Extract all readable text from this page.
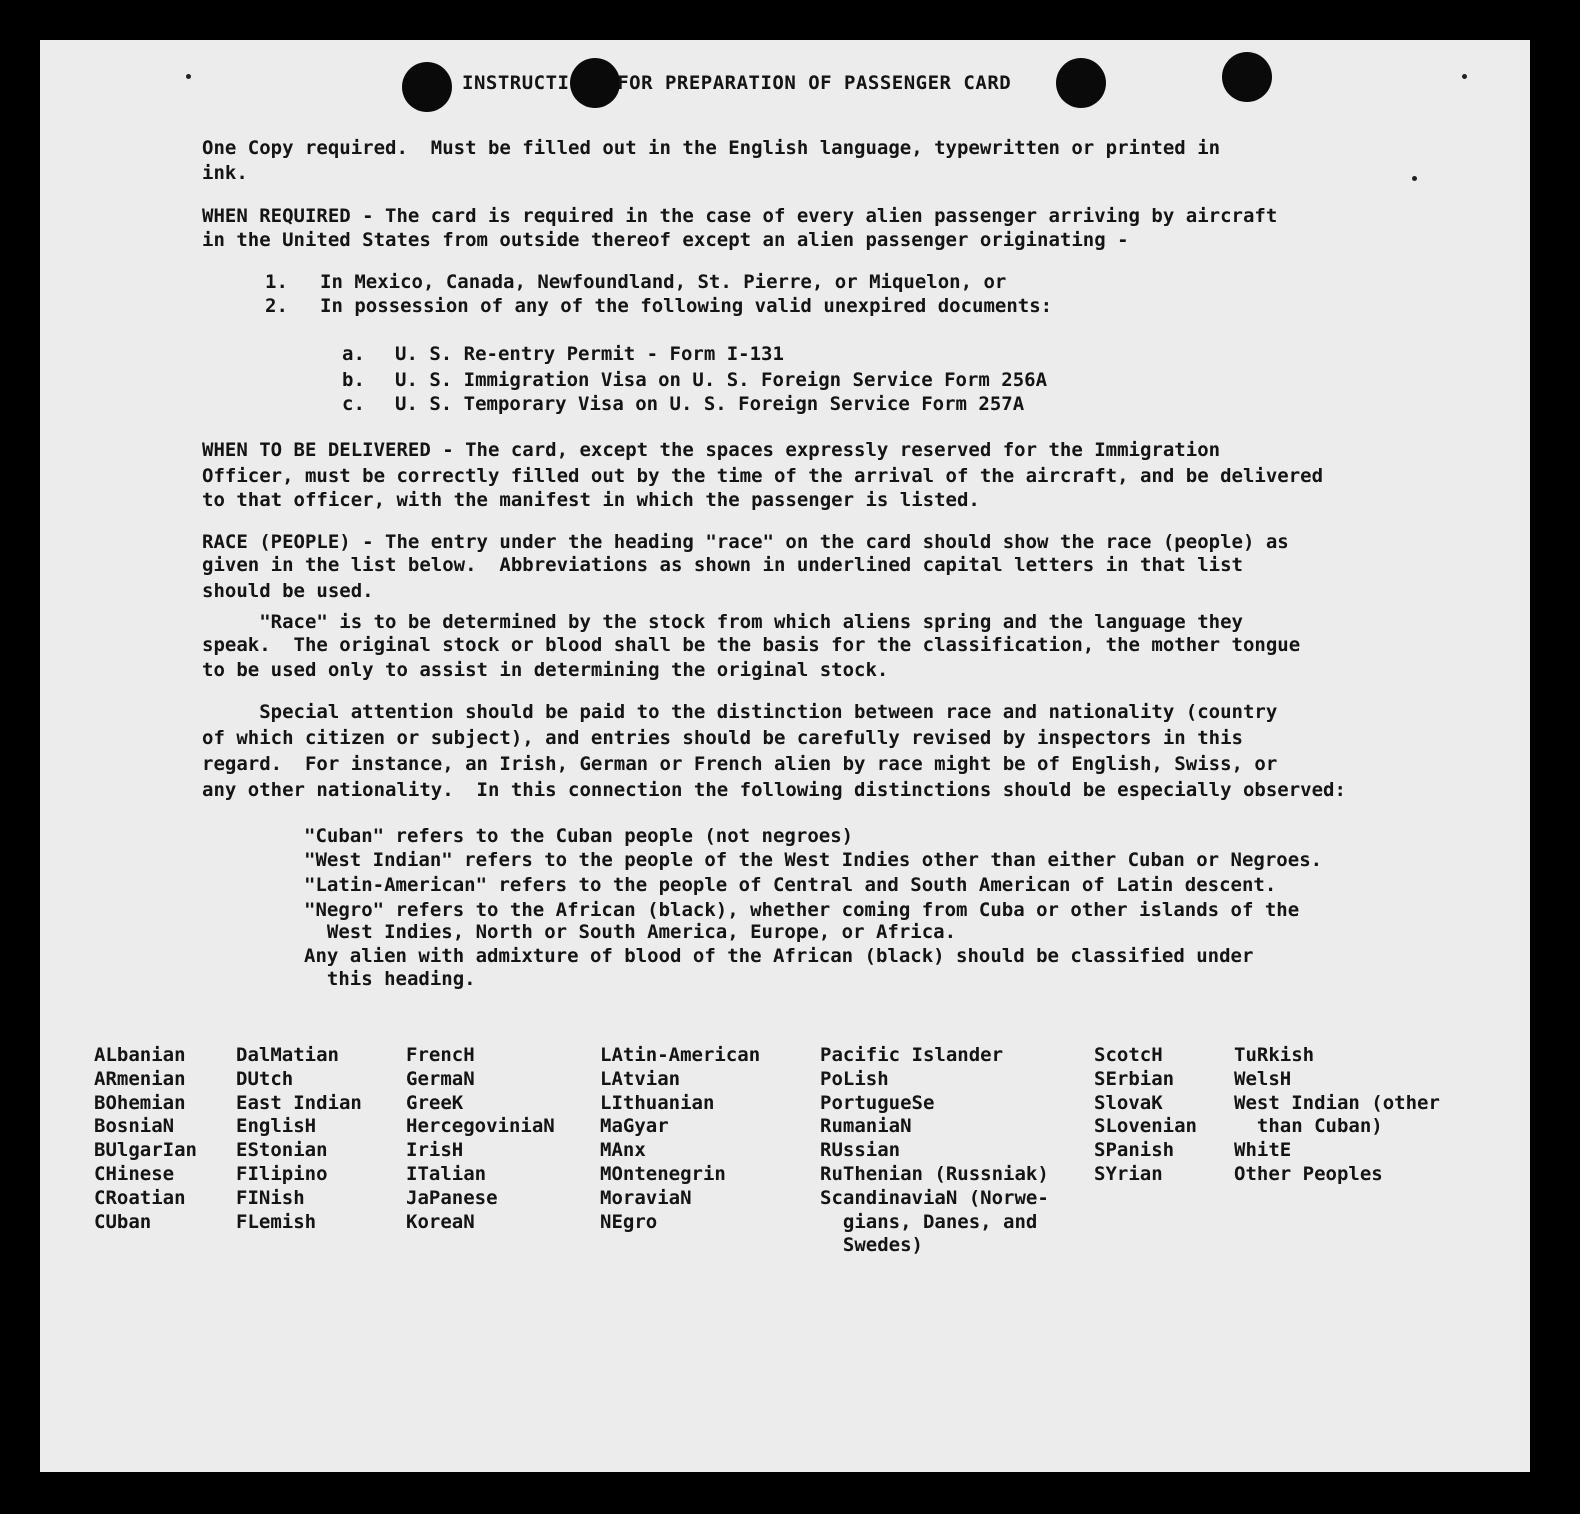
INSTRUCTI    FOR PREPARATION OF PASSENGER CARD
One Copy required.  Must be filled out in the English language, typewritten or printed in
ink.
WHEN REQUIRED - The card is required in the case of every alien passenger arriving by aircraft
in the United States from outside thereof except an alien passenger originating -
1. In Mexico, Canada, Newfoundland, St. Pierre, or Miquelon, or
2. In possession of any of the following valid unexpired documents:
a. U. S. Re-entry Permit - Form I-131
b. U. S. Immigration Visa on U. S. Foreign Service Form 256A
c. U. S. Temporary Visa on U. S. Foreign Service Form 257A
WHEN TO BE DELIVERED - The card, except the spaces expressly reserved for the Immigration
Officer, must be correctly filled out by the time of the arrival of the aircraft, and be delivered
to that officer, with the manifest in which the passenger is listed.
RACE (PEOPLE) - The entry under the heading "race" on the card should show the race (people) as
given in the list below.  Abbreviations as shown in underlined capital letters in that list
should be used.
"Race" is to be determined by the stock from which aliens spring and the language they
speak.  The original stock or blood shall be the basis for the classification, the mother tongue
to be used only to assist in determining the original stock.
Special attention should be paid to the distinction between race and nationality (country
of which citizen or subject), and entries should be carefully revised by inspectors in this
regard.  For instance, an Irish, German or French alien by race might be of English, Swiss, or
any other nationality.  In this connection the following distinctions should be especially observed:
"Cuban" refers to the Cuban people (not negroes)
"West Indian" refers to the people of the West Indies other than either Cuban or Negroes.
"Latin-American" refers to the people of Central and South American of Latin descent.
"Negro" refers to the African (black), whether coming from Cuba or other islands of the
West Indies, North or South America, Europe, or Africa.
Any alien with admixture of blood of the African (black) should be classified under
this heading.
ALbanian
ARmenian
BOhemian
BosniaN
BUlgarIan
CHinese
CRoatian
CUban
DalMatian
DUtch
East Indian
EnglisH
EStonian
FIlipino
FINish
FLemish
FrencH
GermaN
GreeK
HercegoviniaN
IrisH
ITalian
JaPanese
KoreaN
LAtin-American
LAtvian
LIthuanian
MaGyar
MAnx
MOntenegrin
MoraviaN
NEgro
Pacific Islander
PoLish
PortugueSe
RumaniaN
RUssian
RuThenian (Russniak)
ScandinaviaN (Norwe-
gians, Danes, and
Swedes)
ScotcH
SErbian
SlovaK
SLovenian
SPanish
SYrian
TuRkish
WelsH
West Indian (other
than Cuban)
WhitE
Other Peoples
